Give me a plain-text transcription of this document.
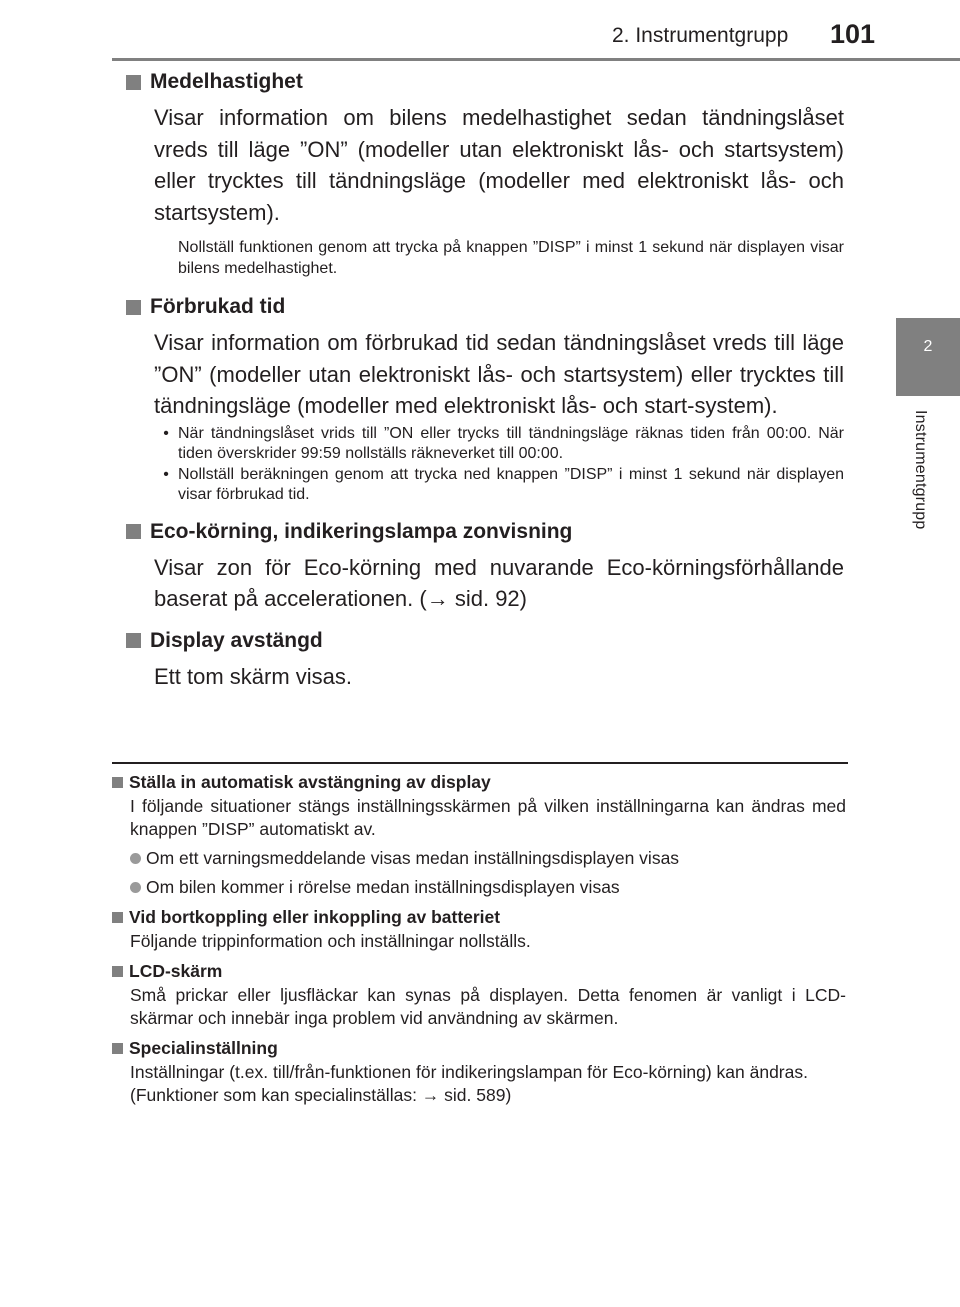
2. Instrumentgrupp 101
2
Instrumentgrupp
Medelhastighet

Visar information om bilens medelhastighet sedan tändningslåset vreds till läge ”ON” (modeller utan elektroniskt lås- och startsystem) eller trycktes till tändningsläge (modeller med elektroniskt lås- och startsystem).

Nollställ funktionen genom att trycka på knappen ”DISP” i minst 1 sekund när displayen visar bilens medelhastighet.

Förbrukad tid

Visar information om förbrukad tid sedan tändningslåset vreds till läge ”ON” (modeller utan elektroniskt lås- och startsystem) eller trycktes till tändningsläge (modeller med elektroniskt lås- och start-system).

• När tändningslåset vrids till ”ON eller trycks till tändningsläge räknas tiden från 00:00. När tiden överskrider 99:59 nollställs räkneverket till 00:00.
• Nollställ beräkningen genom att trycka ned knappen ”DISP” i minst 1 sekund när displayen visar förbrukad tid.
Eco-körning, indikeringslampa zonvisning

Visar zon för Eco-körning med nuvarande Eco-körningsförhållande baserat på accelerationen. (→ sid. 92)

Display avstängd

Ett tom skärm visas.

Ställa in automatisk avstängning av display

I följande situationer stängs inställningsskärmen på vilken inställningarna kan ändras med knappen ”DISP” automatiskt av.

Om ett varningsmeddelande visas medan inställningsdisplayen visas
Om bilen kommer i rörelse medan inställningsdisplayen visas
Vid bortkoppling eller inkoppling av batteriet

Följande trippinformation och inställningar nollställs.

LCD-skärm

Små prickar eller ljusfläckar kan synas på displayen. Detta fenomen är vanligt i LCD-skärmar och innebär inga problem vid användning av skärmen.

Specialinställning

Inställningar (t.ex. till/från-funktionen för indikeringslampan för Eco-körning) kan ändras.

(Funktioner som kan specialinställas: → sid. 589)
